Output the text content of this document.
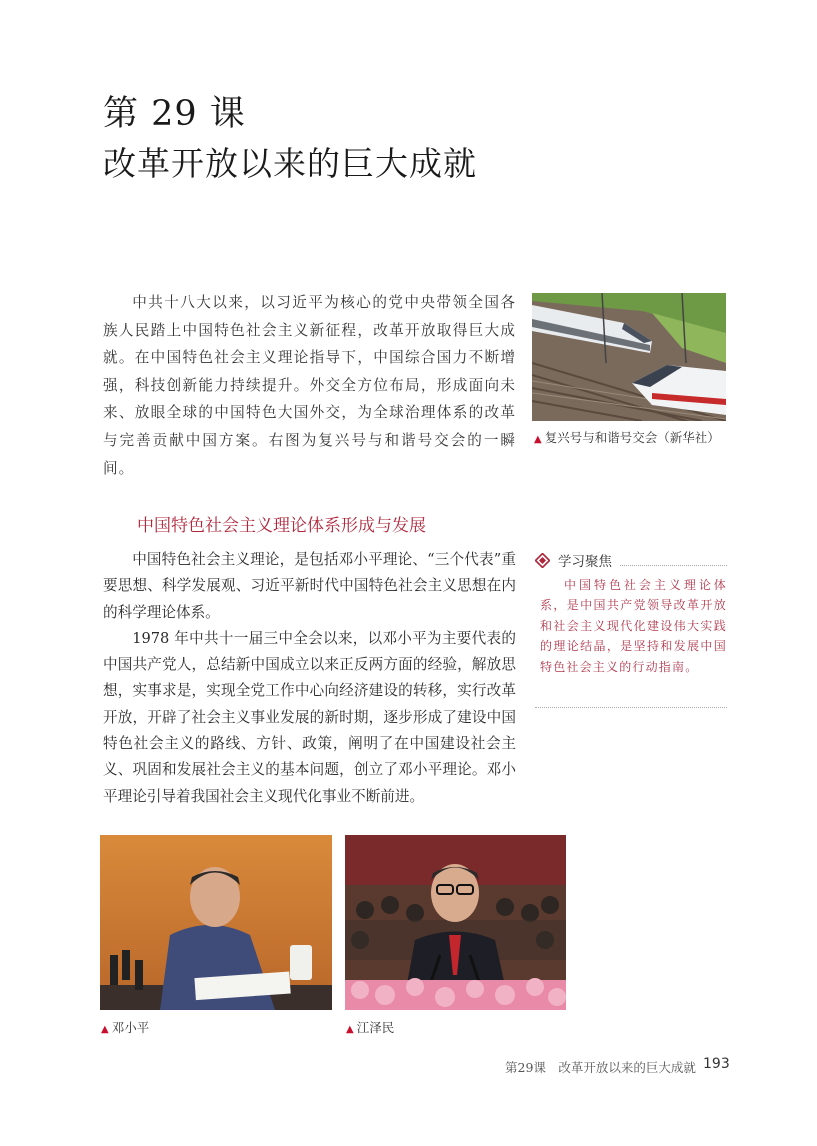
第 29 课
改革开放以来的巨大成就
中共十八大以来，以习近平为核心的党中央带领全国各族人民踏上中国特色社会主义新征程，改革开放取得巨大成就。在中国特色社会主义理论指导下，中国综合国力不断增强，科技创新能力持续提升。外交全方位布局，形成面向未来、放眼全球的中国特色大国外交，为全球治理体系的改革与完善贡献中国方案。右图为复兴号与和谐号交会的一瞬间。
▲ 复兴号与和谐号交会（新华社）
中国特色社会主义理论体系形成与发展

中国特色社会主义理论，是包括邓小平理论、“三个代表”重要思想、科学发展观、习近平新时代中国特色社会主义思想在内的科学理论体系。

1978 年中共十一届三中全会以来，以邓小平为主要代表的中国共产党人，总结新中国成立以来正反两方面的经验，解放思想，实事求是，实现全党工作中心向经济建设的转移，实行改革开放，开辟了社会主义事业发展的新时期，逐步形成了建设中国特色社会主义的路线、方针、政策，阐明了在中国建设社会主义、巩固和发展社会主义的基本问题，创立了邓小平理论。邓小平理论引导着我国社会主义现代化事业不断前进。

学习聚焦
中国特色社会主义理论体系，是中国共产党领导改革开放和社会主义现代化建设伟大实践的理论结晶，是坚持和发展中国特色社会主义的行动指南。
▲ 邓小平	▲ 江泽民
第29课　改革开放以来的巨大成就 193
